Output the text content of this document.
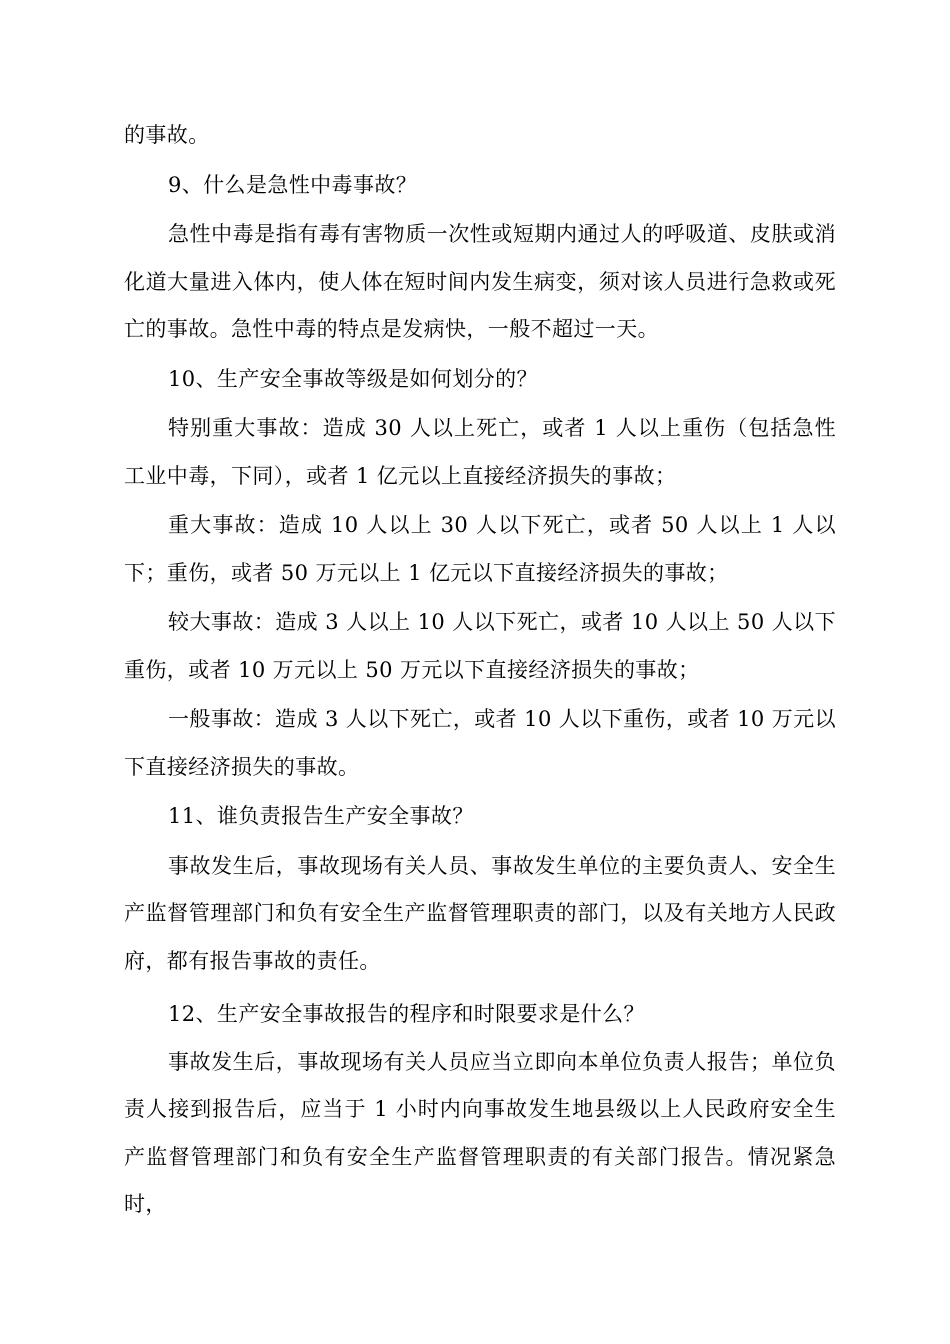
的事故。

9、什么是急性中毒事故？

急性中毒是指有毒有害物质一次性或短期内通过人的呼吸道、皮肤或消化道大量进入体内，使人体在短时间内发生病变，须对该人员进行急救或死亡的事故。急性中毒的特点是发病快，一般不超过一天。

10、生产安全事故等级是如何划分的？

特别重大事故：造成 30 人以上死亡，或者 1 人以上重伤（包括急性工业中毒，下同），或者 1 亿元以上直接经济损失的事故；

重大事故：造成 10 人以上 30 人以下死亡，或者 50 人以上 1 人以下；重伤，或者 50 万元以上 1 亿元以下直接经济损失的事故；

较大事故：造成 3 人以上 10 人以下死亡，或者 10 人以上 50 人以下重伤，或者 10 万元以上 50 万元以下直接经济损失的事故；

一般事故：造成 3 人以下死亡，或者 10 人以下重伤，或者 10 万元以下直接经济损失的事故。

11、谁负责报告生产安全事故？

事故发生后，事故现场有关人员、事故发生单位的主要负责人、安全生产监督管理部门和负有安全生产监督管理职责的部门，以及有关地方人民政府，都有报告事故的责任。

12、生产安全事故报告的程序和时限要求是什么？

事故发生后，事故现场有关人员应当立即向本单位负责人报告；单位负责人接到报告后，应当于 1 小时内向事故发生地县级以上人民政府安全生产监督管理部门和负有安全生产监督管理职责的有关部门报告。情况紧急时，
